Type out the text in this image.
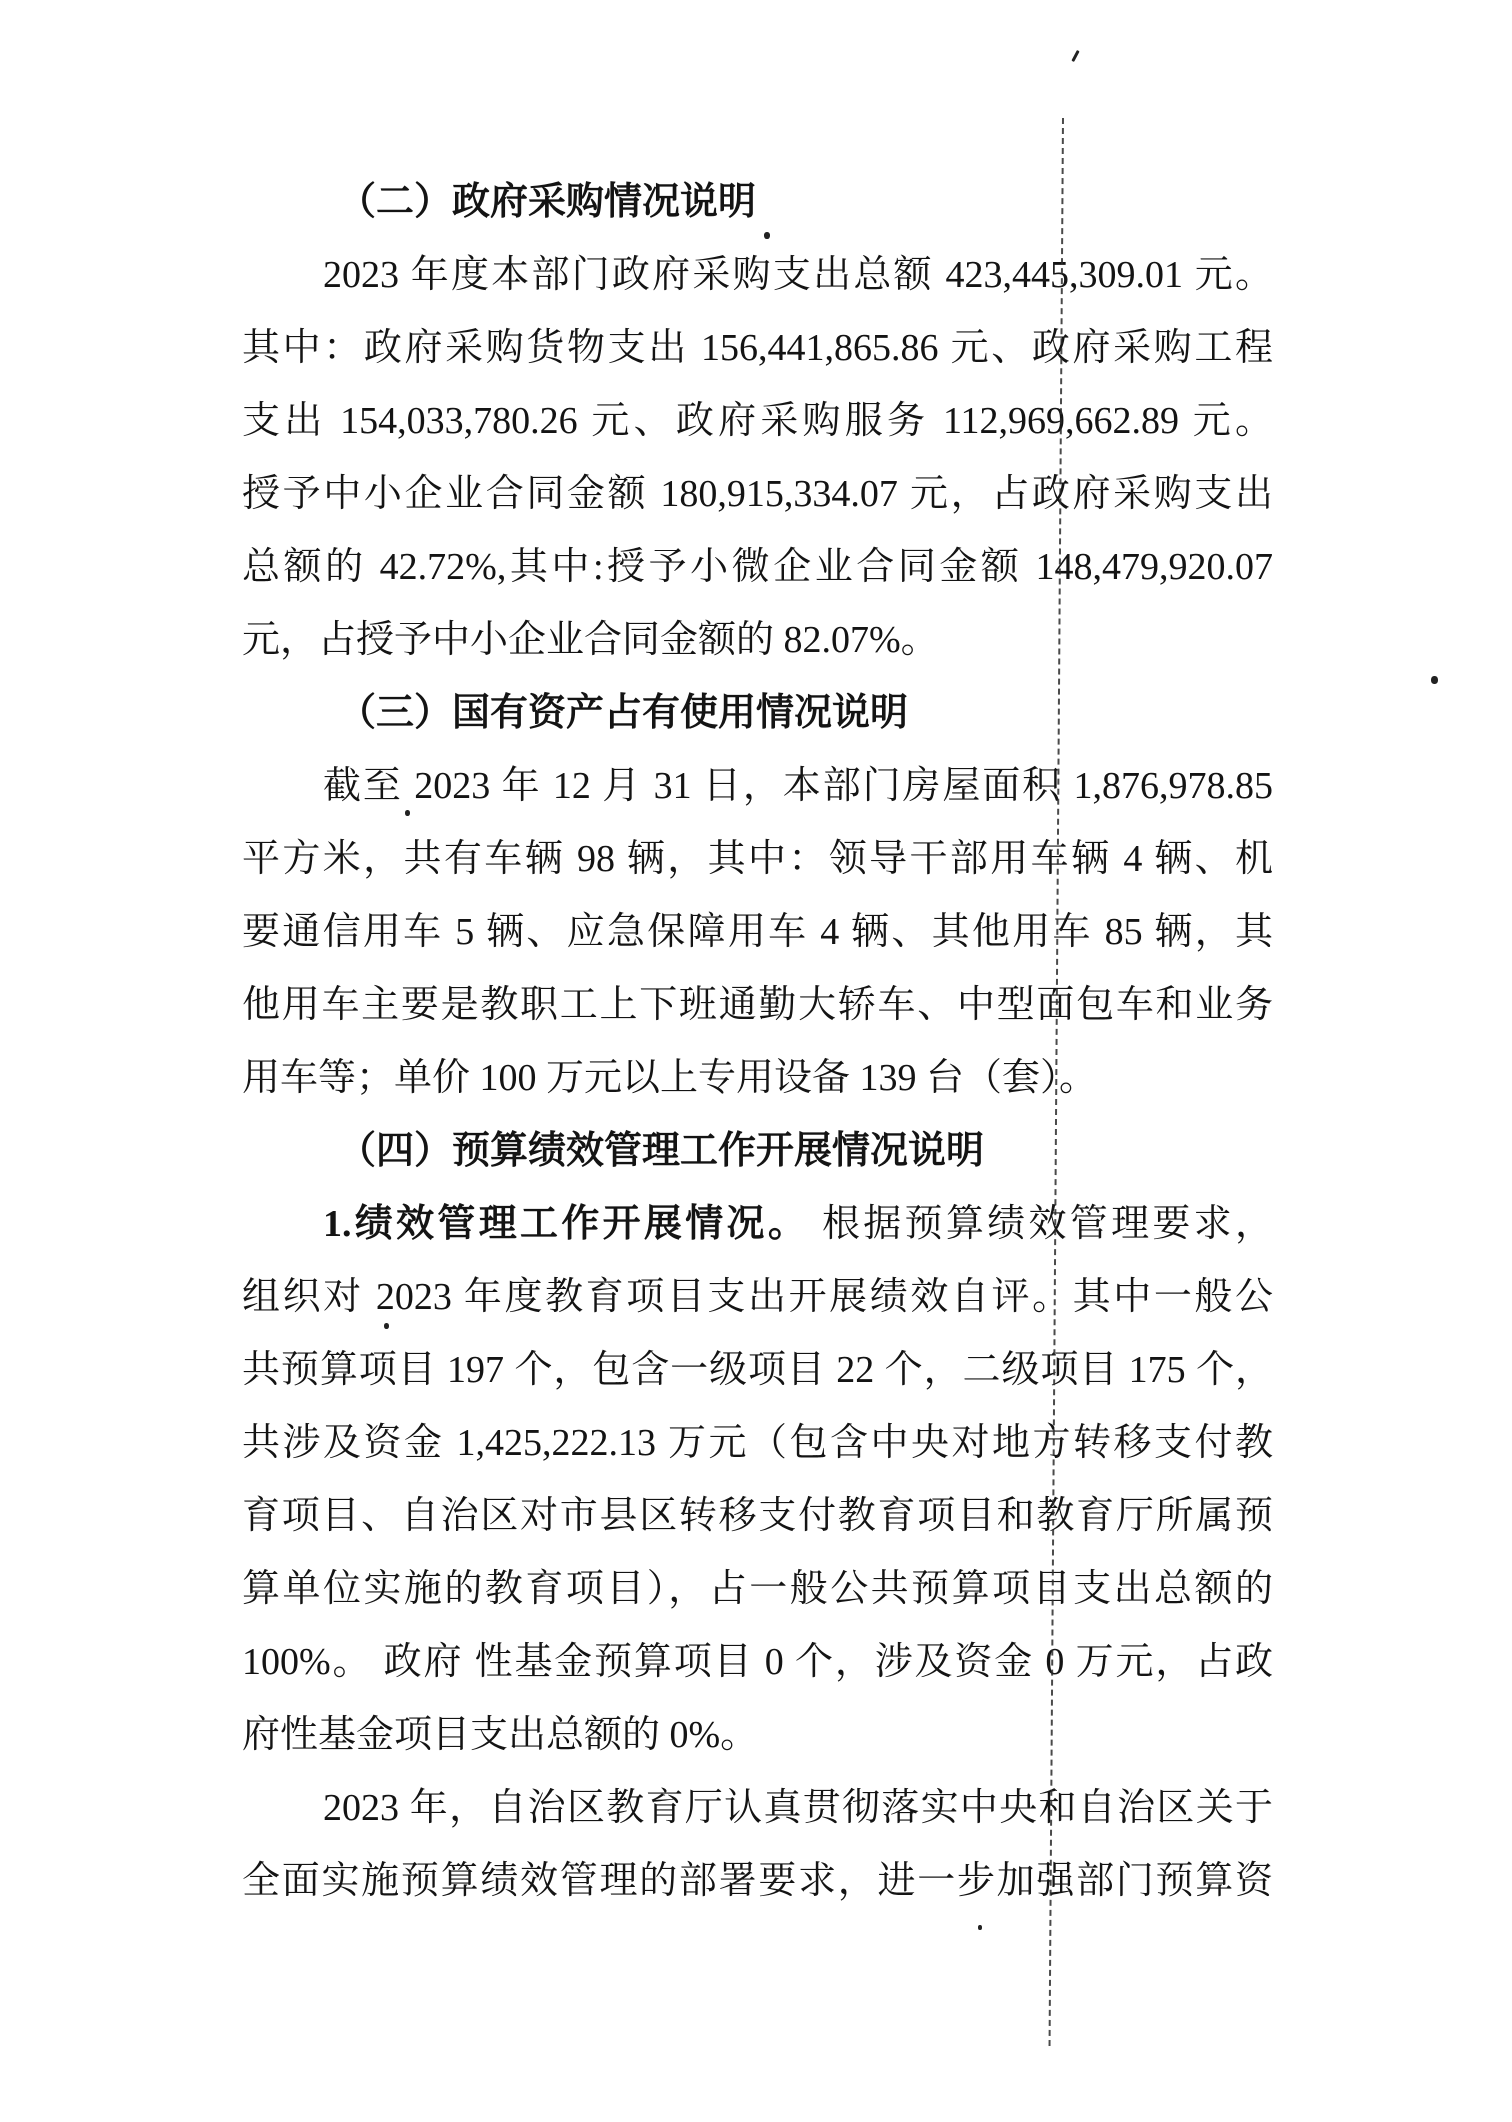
（二）政府采购情况说明
2023 年度本部门政府采购支出总额 423,445,309.01 元。
其中：政府采购货物支出 156,441,865.86 元、政府采购工程
支出 154,033,780.26 元、政府采购服务 112,969,662.89 元。
授予中小企业合同金额 180,915,334.07 元，占政府采购支出
总额的 42.72%,其中:授予小微企业合同金额 148,479,920.07
元，占授予中小企业合同金额的 82.07%。
（三）国有资产占有使用情况说明
截至 2023 年 12 月 31 日，本部门房屋面积 1,876,978.85
平方米，共有车辆 98 辆，其中：领导干部用车辆 4 辆、机
要通信用车 5 辆、应急保障用车 4 辆、其他用车 85 辆，其
他用车主要是教职工上下班通勤大轿车、中型面包车和业务
用车等；单价 100 万元以上专用设备 139 台（套）。
（四）预算绩效管理工作开展情况说明
1.绩效管理工作开展情况。 根据预算绩效管理要求，
组织对 2023 年度教育项目支出开展绩效自评。其中一般公
共预算项目 197 个，包含一级项目 22 个，二级项目 175 个，
共涉及资金 1,425,222.13 万元（包含中央对地方转移支付教
育项目、自治区对市县区转移支付教育项目和教育厅所属预
算单位实施的教育项目），占一般公共预算项目支出总额的
100%。 政府 性基金预算项目 0 个，涉及资金 0 万元，占政
府性基金项目支出总额的 0%。
2023 年，自治区教育厅认真贯彻落实中央和自治区关于
全面实施预算绩效管理的部署要求，进一步加强部门预算资
